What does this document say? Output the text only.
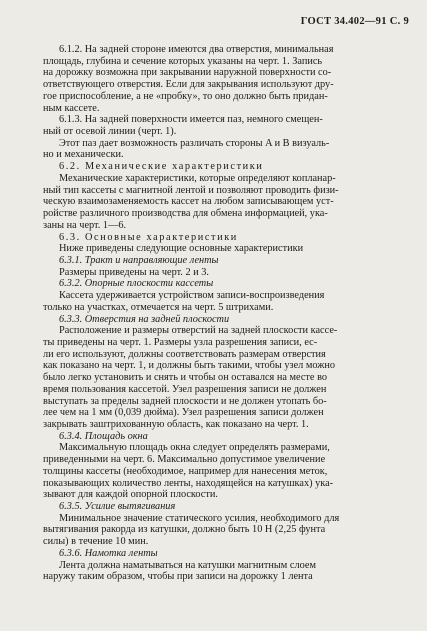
ГОСТ 34.402—91 С. 9
6.1.2. На задней стороне имеются два отверстия, минимальная
площадь, глубина и сечение которых указаны на черт. 1. Запись
на дорожку возможна при закрывании наружной поверхности со-
ответствующего отверстия. Если для закрывания используют дру-
гое приспособление, а не «пробку», то оно должно быть придан-
ным кассете.
6.1.3. На задней поверхности имеется паз, немного смещен-
ный от осевой линии (черт. 1).
Этот паз дает возможность различать стороны A и B визуаль-
но и механически.
6.2. Механические характеристики
Механические характеристики, которые определяют копланар-
ный тип кассеты с магнитной лентой и позволяют проводить физи-
ческую взаимозаменяемость кассет на любом записывающем уст-
ройстве различного производства для обмена информацией, ука-
заны на черт. 1—6.
6.3. Основные характеристики
Ниже приведены следующие основные характеристики
6.3.1. Тракт и направляющие ленты
Размеры приведены на черт. 2 и 3.
6.3.2. Опорные плоскости кассеты
Кассета удерживается устройством записи-воспроизведения
только на участках, отмечается на черт. 5 штрихами.
6.3.3. Отверстия на задней плоскости
Расположение и размеры отверстий на задней плоскости кассе-
ты приведены на черт. 1. Размеры узла разрешения записи, ес-
ли его используют, должны соответствовать размерам отверстия
как показано на черт. 1, и должны быть такими, чтобы узел можно
было легко установить и снять и чтобы он оставался на месте во
время пользования кассетой. Узел разрешения записи не должен
выступать за пределы задней плоскости и не должен утопать бо-
лее чем на 1 мм (0,039 дюйма). Узел разрешения записи должен
закрывать заштрихованную область, как показано на черт. 1.
6.3.4. Площадь окна
Максимальную площадь окна следует определять размерами,
приведенными на черт. 6. Максимально допустимое увеличение
толщины кассеты (необходимое, например для нанесения меток,
показывающих количество ленты, находящейся на катушках) ука-
зывают для каждой опорной плоскости.
6.3.5. Усилие вытягивания
Минимальное значение статического усилия, необходимого для
вытягивания ракорда из катушки, должно быть 10 Н (2,25 фунта
силы) в течение 10 мин.
6.3.6. Намотка ленты
Лента должна наматываться на катушки магнитным слоем
наружу таким образом, чтобы при записи на дорожку 1 лента
